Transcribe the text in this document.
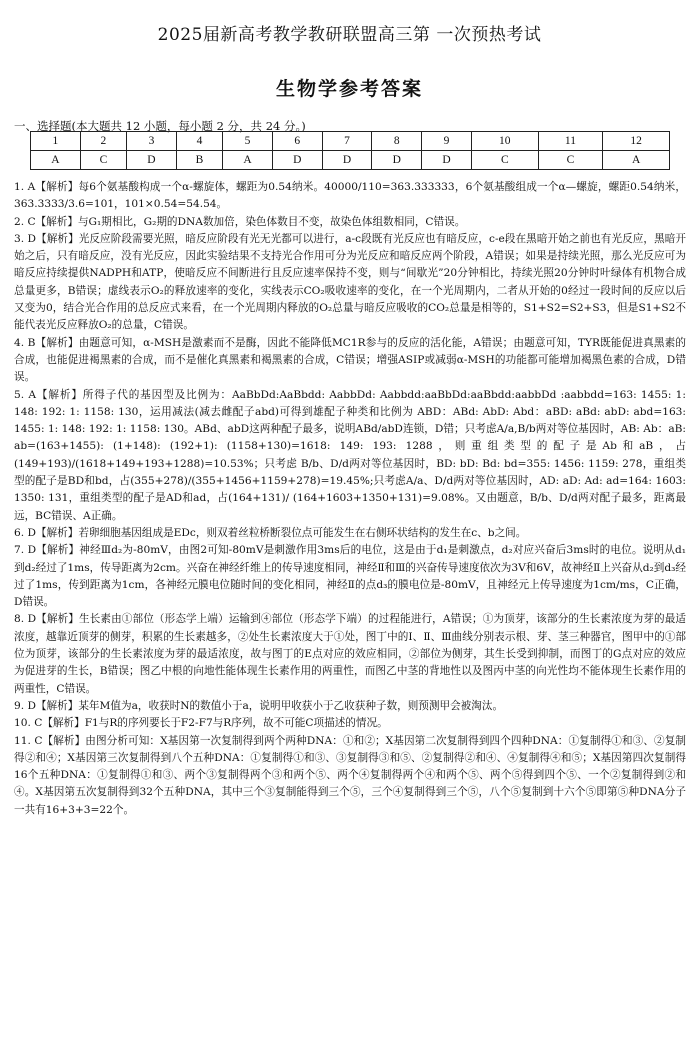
2025届新高考教学教研联盟高三第 一次预热考试
生物学参考答案
一、选择题(本大题共 12 小题，每小题 2 分，共 24 分。)
1	2	3	4	5	6	7	8	9	10	11	12
A	C	D	B	A	D	D	D	D	C	C	A

1. A【解析】每6个氨基酸构成一个α-螺旋体，螺距为0.54纳米。40000/110=363.333333，6个氨基酸组成一个α—螺旋，螺距0.54纳米，363.3333/3.6=101，101×0.54=54.54。

2. C【解析】与G₁期相比，G₂期的DNA数加倍，染色体数目不变，故染色体组数相同，C错误。

3. D【解析】光反应阶段需要光照，暗反应阶段有光无光都可以进行，a-c段既有光反应也有暗反应，c-e段在黑暗开始之前也有光反应，黑暗开始之后，只有暗反应，没有光反应，因此实验结果不支持光合作用可分为光反应和暗反应两个阶段，A错误；如果是持续光照，那么光反应可为暗反应持续提供NADPH和ATP，使暗反应不间断进行且反应速率保持不变，则与“间歇光”20分钟相比，持续光照20分钟时叶绿体有机物合成总量更多，B错误；虚线表示O₂的释放速率的变化，实线表示CO₂吸收速率的变化，在一个光周期内，二者从开始的0经过一段时间的反应以后又变为0，结合光合作用的总反应式来看，在一个光周期内释放的O₂总量与暗反应吸收的CO₂总量是相等的，S1+S2=S2+S3，但是S1+S2不能代表光反应释放O₂的总量，C错误。

4. B【解析】由题意可知，α-MSH是激素而不是酶，因此不能降低MC1R参与的反应的活化能，A错误；由题意可知，TYR既能促进真黑素的合成，也能促进褐黑素的合成，而不是催化真黑素和褐黑素的合成，C错误；增强ASIP或减弱α-MSH的功能都可能增加褐黑色素的合成，D错误。

5. A【解析】所得子代的基因型及比例为：AaBbDd:AaBbdd: AabbDd: Aabbdd:aaBbDd:aaBbdd:aabbDd :aabbdd=163: 1455: 1: 148: 192: 1: 1158: 130，运用减法(减去雌配子abd)可得到雄配子种类和比例为 ABD：ABd: AbD: Abd：aBD: aBd: abD: abd=163: 1455: 1: 148: 192: 1: 1158: 130。ABd、abD这两种配子最多，说明ABd/abD连锁，D错；只考虑A/a,B/b两对等位基因时，AB: Ab：aB: ab=(163+1455): (1+148): (192+1): (1158+130)=1618: 149: 193: 1288，则重组类型的配子是Ab和aB，占(149+193)/(1618+149+193+1288)=10.53%；只考虑 B/b、D/d两对等位基因时，BD: bD: Bd: bd=355: 1456: 1159: 278，重组类型的配子是BD和bd，占(355+278)/(355+1456+1159+278)=19.45%;只考虑A/a、D/d两对等位基因时，AD: aD: Ad: ad=164: 1603: 1350: 131，重组类型的配子是AD和ad，占(164+131)/ (164+1603+1350+131)=9.08%。又由题意，B/b、D/d两对配子最多，距离最远，BC错误、A正确。

6. D【解析】若卵细胞基因组成是EDc，则双着丝粒桥断裂位点可能发生在右侧环状结构的发生在c、b之间。

7. D【解析】神经Ⅲd₂为-80mV，由图2可知-80mV是刺激作用3ms后的电位，这是由于d₁是刺激点，d₂对应兴奋后3ms时的电位。说明从d₁到d₂经过了1ms，传导距离为2cm。兴奋在神经纤维上的传导速度相同，神经Ⅱ和Ⅲ的兴奋传导速度依次为3V和6V，故神经Ⅱ上兴奋从d₂到d₃经过了1ms，传到距离为1cm，各神经元膜电位随时间的变化相同，神经Ⅱ的点d₃的膜电位是-80mV，且神经元上传导速度为1cm/ms，C正确，D错误。

8. D【解析】生长素由①部位（形态学上端）运输到④部位（形态学下端）的过程能进行，A错误；①为顶芽，该部分的生长素浓度为芽的最适浓度，越靠近顶芽的侧芽，积累的生长素越多，②处生长素浓度大于①处，图丁中的Ⅰ、Ⅱ、Ⅲ曲线分别表示根、芽、茎三种器官，图甲中的①部位为顶芽，该部分的生长素浓度为芽的最适浓度，故与图丁的E点对应的效应相同，②部位为侧芽，其生长受到抑制，而图丁的G点对应的效应为促进芽的生长，B错误；图乙中根的向地性能体现生长素作用的两重性，而图乙中茎的背地性以及图丙中茎的向光性均不能体现生长素作用的两重性，C错误。

9. D【解析】某年M值为a，收获时N的数值小于a，说明甲收获小于乙收获种子数，则预测甲会被淘汰。

10. C【解析】F1与R的序列要长于F2-F7与R序列，故不可能C项描述的情况。

11. C【解析】由图分析可知：X基因第一次复制得到两个两种DNA：①和②；X基因第二次复制得到四个四种DNA：①复制得①和③、②复制得②和④；X基因第三次复制得到八个五种DNA：①复制得①和③、③复制得③和⑤、②复制得②和④、④复制得④和⑤；X基因第四次复制得16个五种DNA：①复制得①和③、两个③复制得两个③和两个⑤、两个④复制得两个④和两个⑤、两个⑤得到四个⑤、一个②复制得到②和④。X基因第五次复制得到32个五种DNA，其中三个③复制能得到三个⑤，三个④复制得到三个⑤，八个⑤复制到十六个⑤即第⑤种DNA分子一共有16+3+3=22个。
